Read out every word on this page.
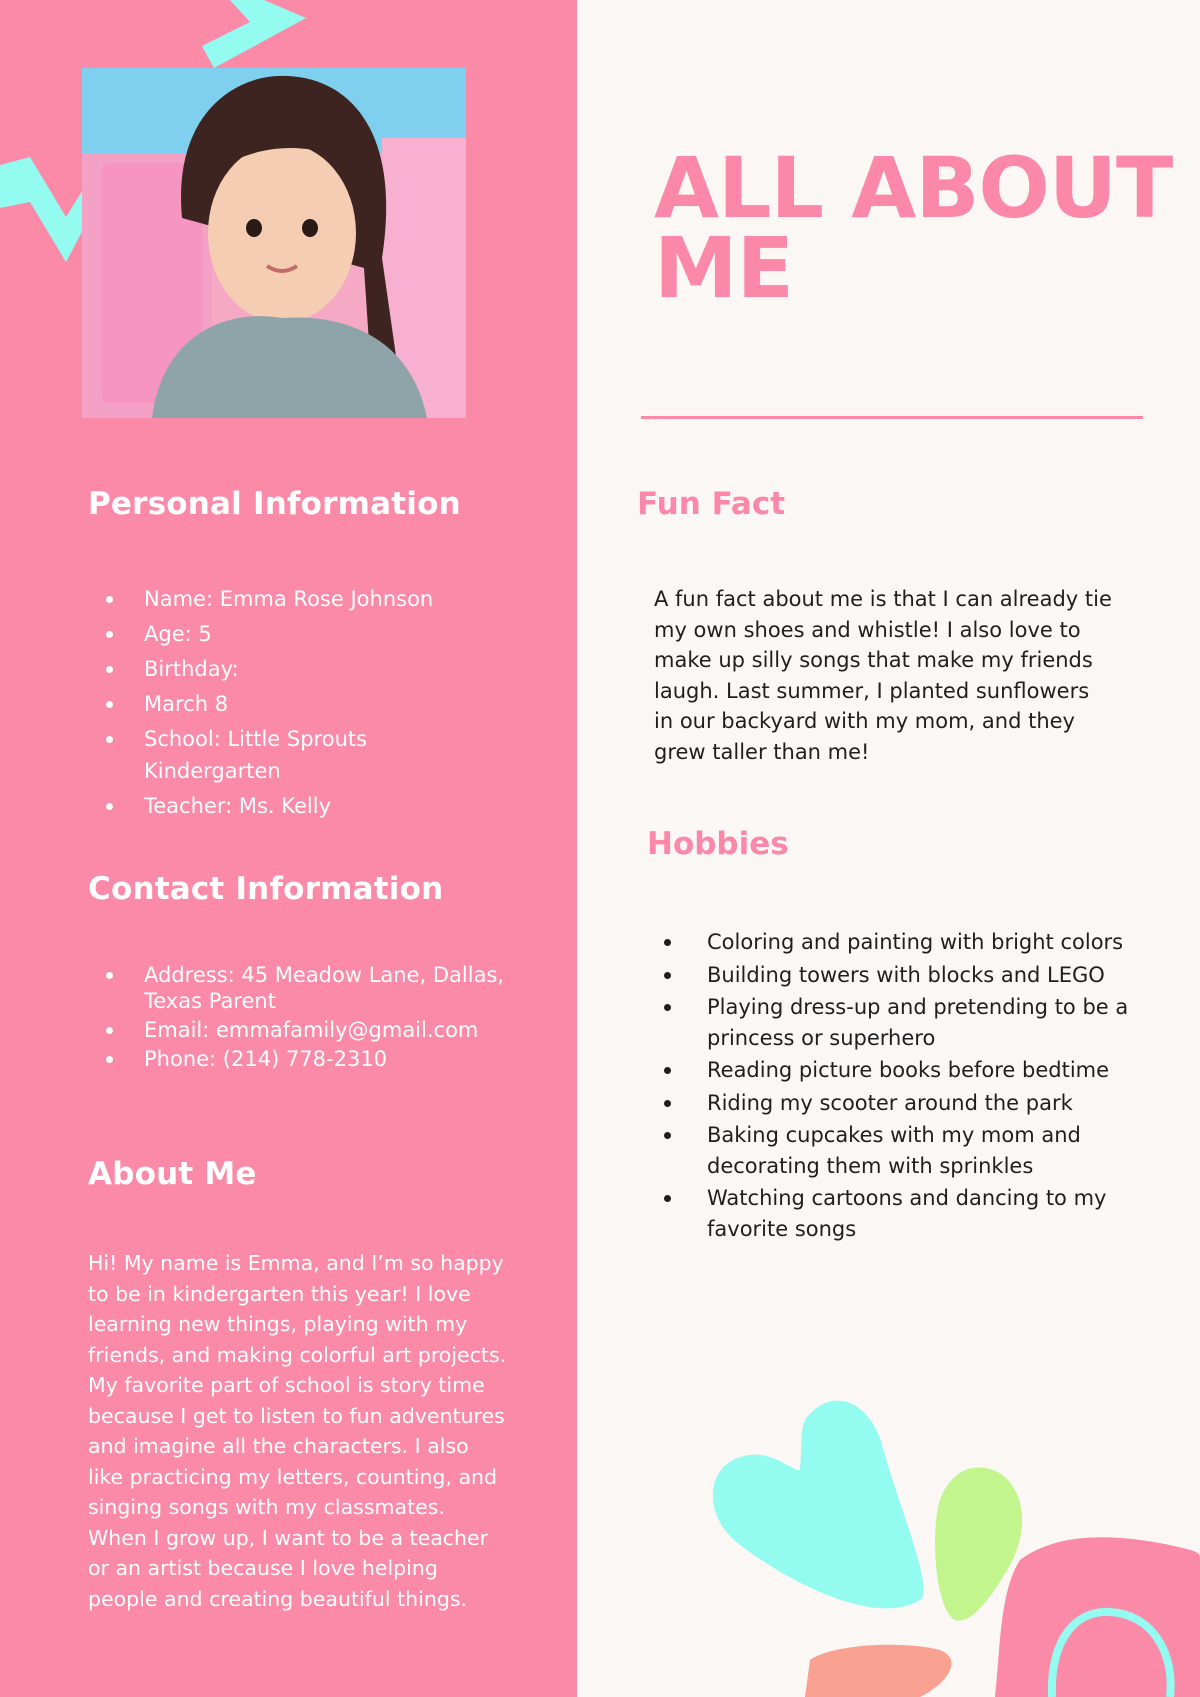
Personal Information
Name: Emma Rose Johnson
Age: 5
Birthday:
March 8
School: Little Sprouts Kindergarten
Teacher: Ms. Kelly
Contact Information
Address: 45 Meadow Lane, Dallas, Texas Parent
Email: emmafamily@gmail.com
Phone: (214) 778-2310
About Me

Hi! My name is Emma, and I’m so happy to be in kindergarten this year! I love learning new things, playing with my friends, and making colorful art projects. My favorite part of school is story time because I get to listen to fun adventures and imagine all the characters. I also like practicing my letters, counting, and singing songs with my classmates. When I grow up, I want to be a teacher or an artist because I love helping people and creating beautiful things.

ALL ABOUT ME
Fun Fact

A fun fact about me is that I can already tie my own shoes and whistle! I also love to make up silly songs that make my friends laugh. Last summer, I planted sunflowers in our backyard with my mom, and they grew taller than me!

Hobbies
Coloring and painting with bright colors
Building towers with blocks and LEGO
Playing dress-up and pretending to be a princess or superhero
Reading picture books before bedtime
Riding my scooter around the park
Baking cupcakes with my mom and decorating them with sprinkles
Watching cartoons and dancing to my favorite songs
